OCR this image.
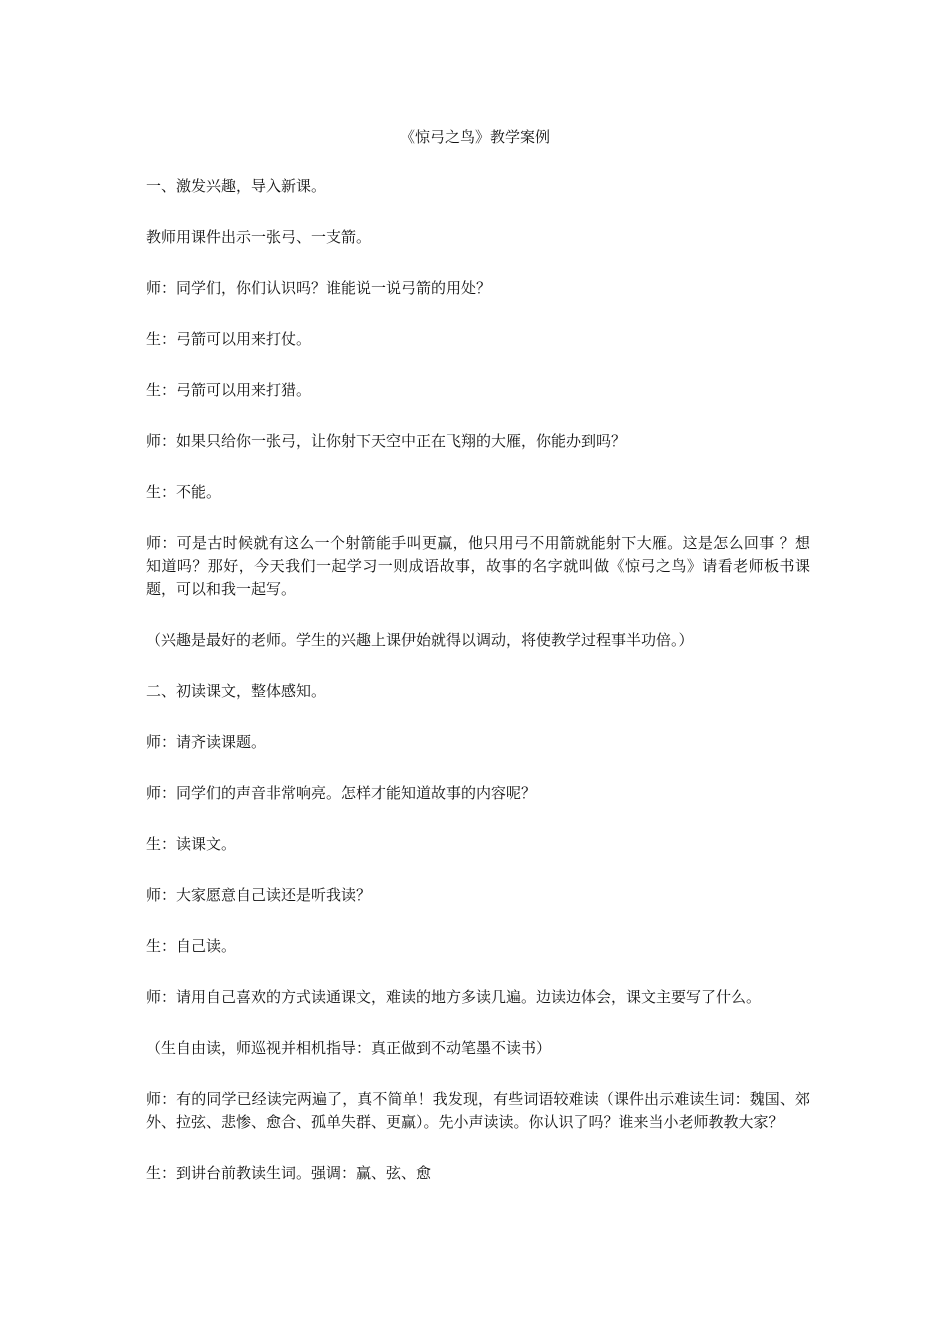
《惊弓之鸟》教学案例

一、激发兴趣，导入新课。

教师用课件出示一张弓、一支箭。

师：同学们，你们认识吗？谁能说一说弓箭的用处？

生：弓箭可以用来打仗。

生：弓箭可以用来打猎。

师：如果只给你一张弓，让你射下天空中正在飞翔的大雁，你能办到吗？

生：不能。

师：可是古时候就有这么一个射箭能手叫更赢，他只用弓不用箭就能射下大雁。这是怎么回事 ？想知道吗？那好，今天我们一起学习一则成语故事，故事的名字就叫做《惊弓之鸟》请看老师板书课题，可以和我一起写。

（兴趣是最好的老师。学生的兴趣上课伊始就得以调动，将使教学过程事半功倍。）

二、初读课文，整体感知。

师：请齐读课题。

师：同学们的声音非常响亮。怎样才能知道故事的内容呢？

生：读课文。

师：大家愿意自己读还是听我读？

生：自己读。

师：请用自己喜欢的方式读通课文，难读的地方多读几遍。边读边体会，课文主要写了什么。

（生自由读，师巡视并相机指导：真正做到不动笔墨不读书）

师：有的同学已经读完两遍了，真不简单！我发现，有些词语较难读（课件出示难读生词：魏国、郊外、拉弦、悲惨、愈合、孤单失群、更赢）。先小声读读。你认识了吗？谁来当小老师教教大家？

生：到讲台前教读生词。强调：赢、弦、愈
